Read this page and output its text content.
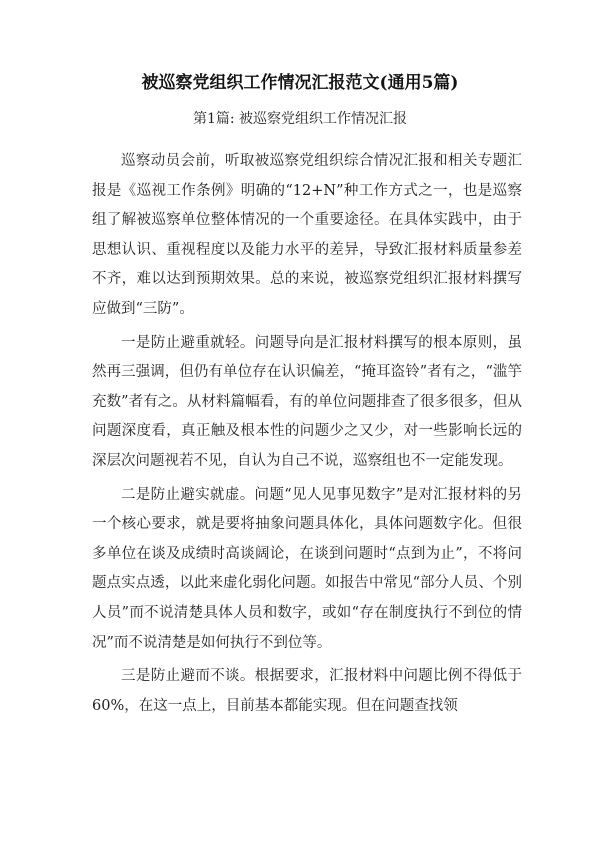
被巡察党组织工作情况汇报范文(通用5篇)
第1篇: 被巡察党组织工作情况汇报

巡察动员会前，听取被巡察党组织综合情况汇报和相关专题汇报是《巡视工作条例》明确的“12+N”种工作方式之一，也是巡察组了解被巡察单位整体情况的一个重要途径。在具体实践中，由于思想认识、重视程度以及能力水平的差异，导致汇报材料质量参差不齐，难以达到预期效果。总的来说，被巡察党组织汇报材料撰写应做到“三防”。

一是防止避重就轻。问题导向是汇报材料撰写的根本原则，虽然再三强调，但仍有单位存在认识偏差，“掩耳盗铃”者有之，“滥竽充数”者有之。从材料篇幅看，有的单位问题排查了很多很多，但从问题深度看，真正触及根本性的问题少之又少，对一些影响长远的深层次问题视若不见，自认为自己不说，巡察组也不一定能发现。

二是防止避实就虚。问题“见人见事见数字”是对汇报材料的另一个核心要求，就是要将抽象问题具体化，具体问题数字化。但很多单位在谈及成绩时高谈阔论，在谈到问题时“点到为止”，不将问题点实点透，以此来虚化弱化问题。如报告中常见“部分人员、个别人员”而不说清楚具体人员和数字，或如“存在制度执行不到位的情况”而不说清楚是如何执行不到位等。

三是防止避而不谈。根据要求，汇报材料中问题比例不得低于 60%，在这一点上，目前基本都能实现。但在问题查找领
